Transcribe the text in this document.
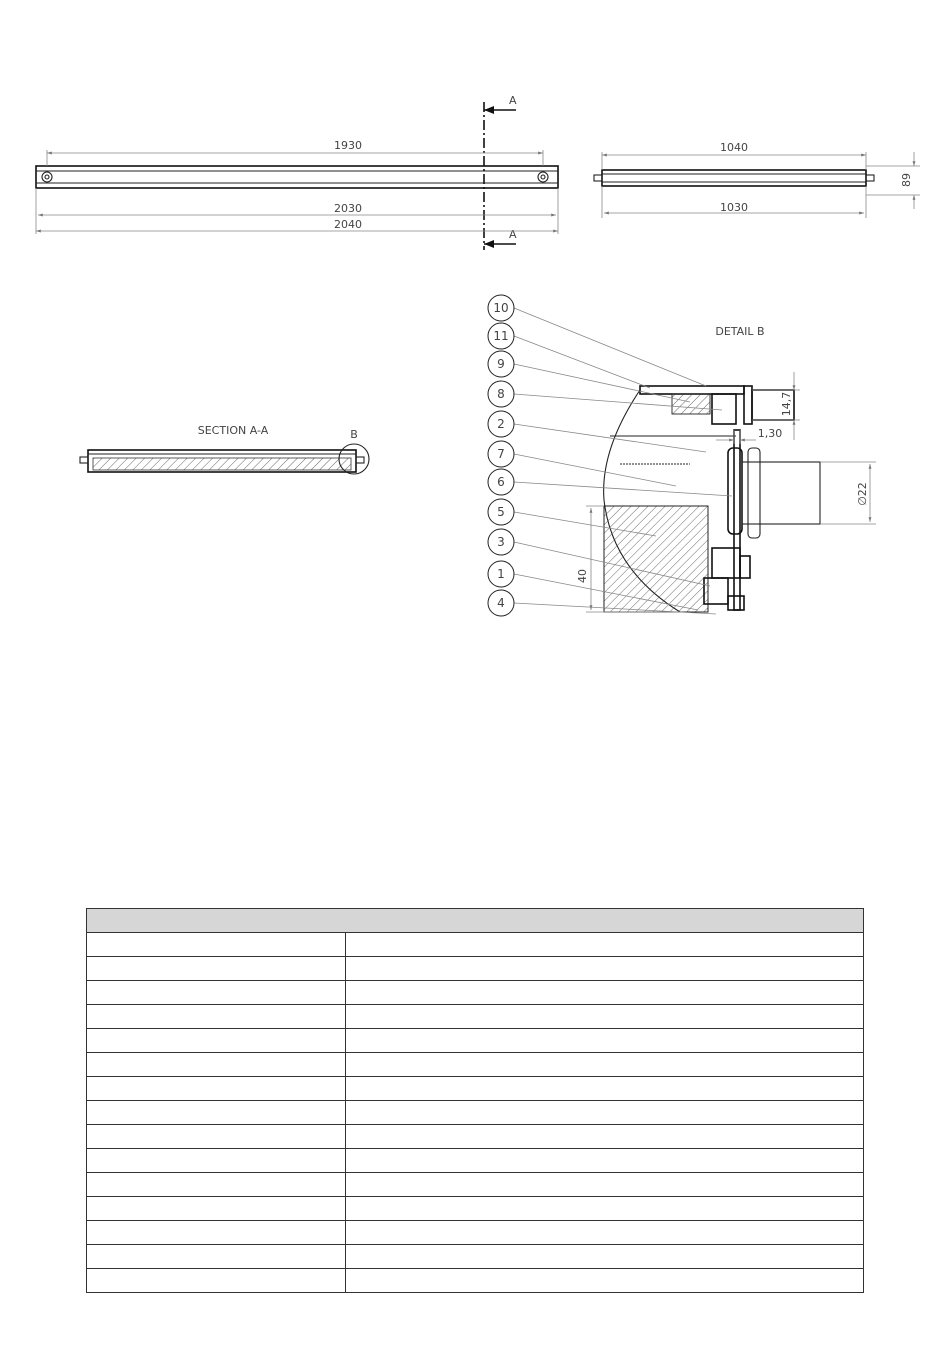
A
A
1930
2030
2040
1040
1030
89
SECTION A-A	B
DETAIL B
14,7
1,30
∅22
40
10
11
9
8
2
7
6
5
3
1
4
